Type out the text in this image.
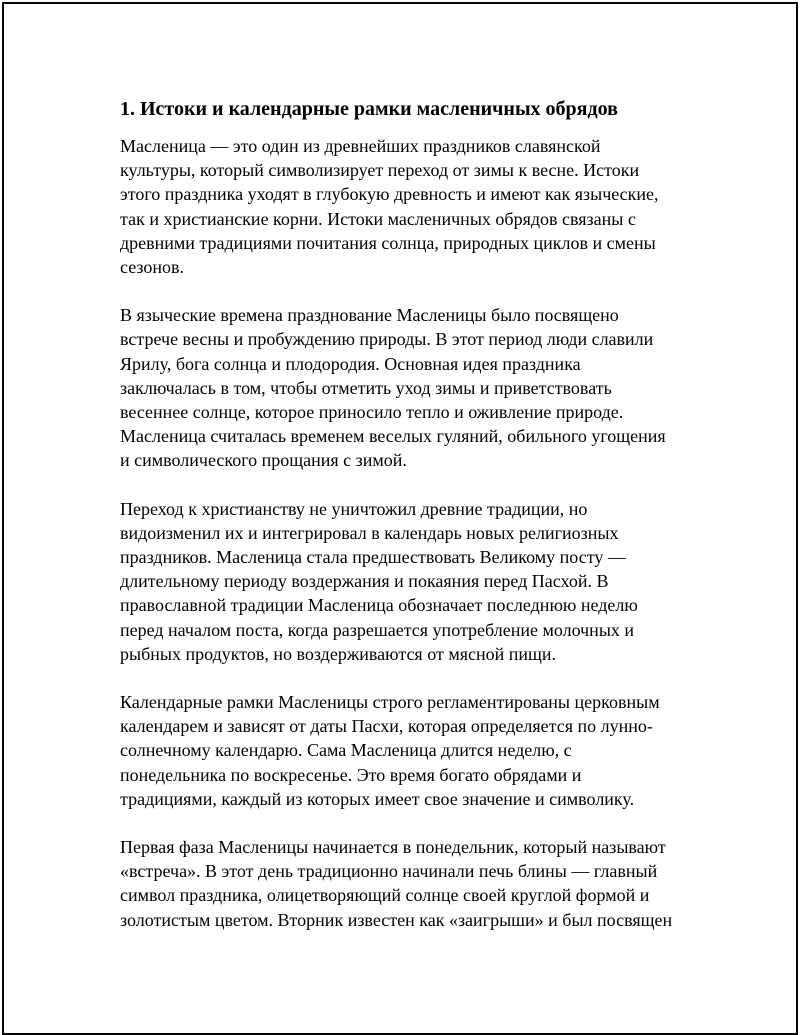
1. Истоки и календарные рамки масленичных обрядов

Масленица — это один из древнейших праздников славянской
культуры, который символизирует переход от зимы к весне. Истоки
этого праздника уходят в глубокую древность и имеют как языческие,
так и христианские корни. Истоки масленичных обрядов связаны с
древними традициями почитания солнца, природных циклов и смены
сезонов.

В языческие времена празднование Масленицы было посвящено
встрече весны и пробуждению природы. В этот период люди славили
Ярилу, бога солнца и плодородия. Основная идея праздника
заключалась в том, чтобы отметить уход зимы и приветствовать
весеннее солнце, которое приносило тепло и оживление природе.
Масленица считалась временем веселых гуляний, обильного угощения
и символического прощания с зимой.

Переход к христианству не уничтожил древние традиции, но
видоизменил их и интегрировал в календарь новых религиозных
праздников. Масленица стала предшествовать Великому посту —
длительному периоду воздержания и покаяния перед Пасхой. В
православной традиции Масленица обозначает последнюю неделю
перед началом поста, когда разрешается употребление молочных и
рыбных продуктов, но воздерживаются от мясной пищи.

Календарные рамки Масленицы строго регламентированы церковным
календарем и зависят от даты Пасхи, которая определяется по лунно-
солнечному календарю. Сама Масленица длится неделю, с
понедельника по воскресенье. Это время богато обрядами и
традициями, каждый из которых имеет свое значение и символику.

Первая фаза Масленицы начинается в понедельник, который называют
«встреча». В этот день традиционно начинали печь блины — главный
символ праздника, олицетворяющий солнце своей круглой формой и
золотистым цветом. Вторник известен как «заигрыши» и был посвящен
